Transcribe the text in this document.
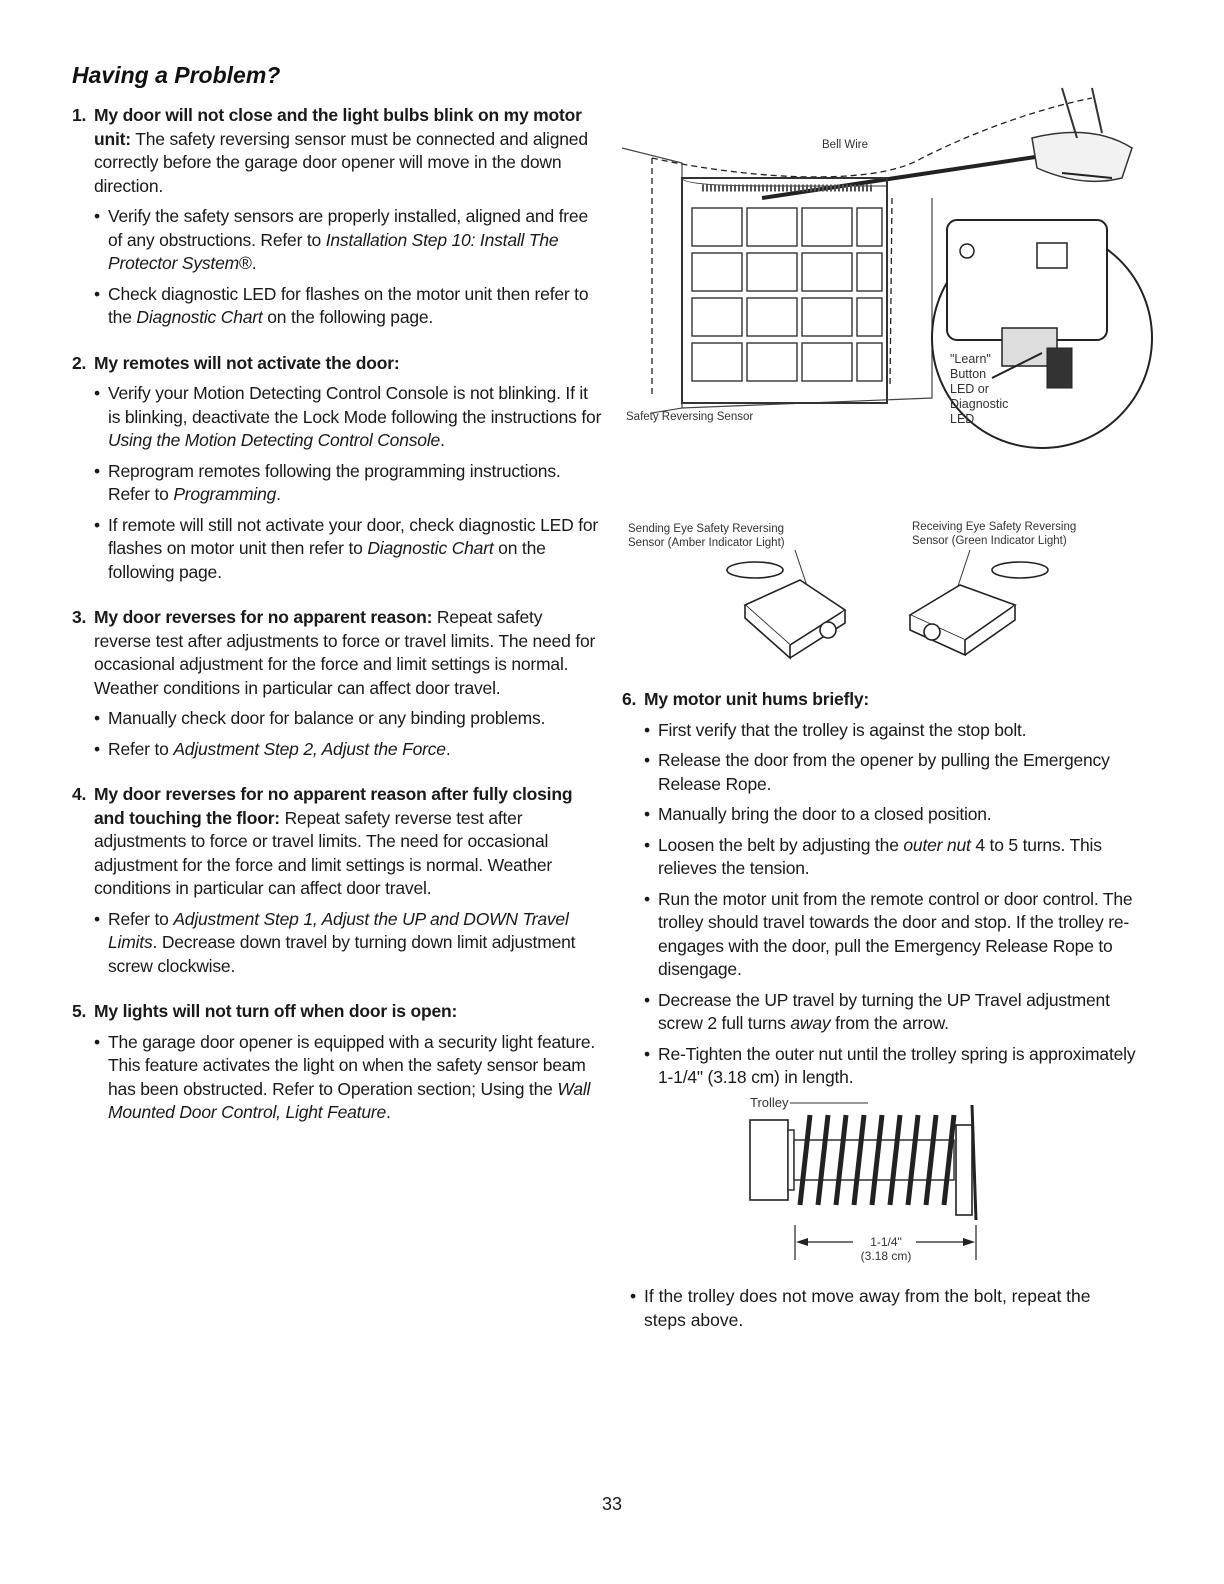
Having a Problem?
1. My door will not close and the light bulbs blink on my motor unit: The safety reversing sensor must be connected and aligned correctly before the garage door opener will move in the down direction.
• Verify the safety sensors are properly installed, aligned and free of any obstructions. Refer to Installation Step 10: Install The Protector System®.
• Check diagnostic LED for flashes on the motor unit then refer to the Diagnostic Chart on the following page.
2. My remotes will not activate the door:
• Verify your Motion Detecting Control Console is not blinking. If it is blinking, deactivate the Lock Mode following the instructions for Using the Motion Detecting Control Console.
• Reprogram remotes following the programming instructions. Refer to Programming.
• If remote will still not activate your door, check diagnostic LED for flashes on motor unit then refer to Diagnostic Chart on the following page.
3. My door reverses for no apparent reason: Repeat safety reverse test after adjustments to force or travel limits. The need for occasional adjustment for the force and limit settings is normal. Weather conditions in particular can affect door travel.
• Manually check door for balance or any binding problems.
• Refer to Adjustment Step 2, Adjust the Force.
4. My door reverses for no apparent reason after fully closing and touching the floor: Repeat safety reverse test after adjustments to force or travel limits. The need for occasional adjustment for the force and limit settings is normal. Weather conditions in particular can affect door travel.
• Refer to Adjustment Step 1, Adjust the UP and DOWN Travel Limits. Decrease down travel by turning down limit adjustment screw clockwise.
5. My lights will not turn off when door is open:
• The garage door opener is equipped with a security light feature. This feature activates the light on when the safety sensor beam has been obstructed. Refer to Operation section; Using the Wall Mounted Door Control, Light Feature.
Bell Wire
Safety Reversing Sensor
"Learn"
Button
LED or
Diagnostic
LED
Sending Eye Safety Reversing
Sensor (Amber Indicator Light)
Receiving Eye Safety Reversing
Sensor (Green Indicator Light)
6. My motor unit hums briefly:
• First verify that the trolley is against the stop bolt.
• Release the door from the opener by pulling the Emergency Release Rope.
• Manually bring the door to a closed position.
• Loosen the belt by adjusting the outer nut 4 to 5 turns. This relieves the tension.
• Run the motor unit from the remote control or door control. The trolley should travel towards the door and stop. If the trolley re-engages with the door, pull the Emergency Release Rope to disengage.
• Decrease the UP travel by turning the UP Travel adjustment screw 2 full turns away from the arrow.
• Re-Tighten the outer nut until the trolley spring is approximately 1-1/4" (3.18 cm) in length.
Trolley
1-1/4"
(3.18 cm)
• If the trolley does not move away from the bolt, repeat the steps above.
33
